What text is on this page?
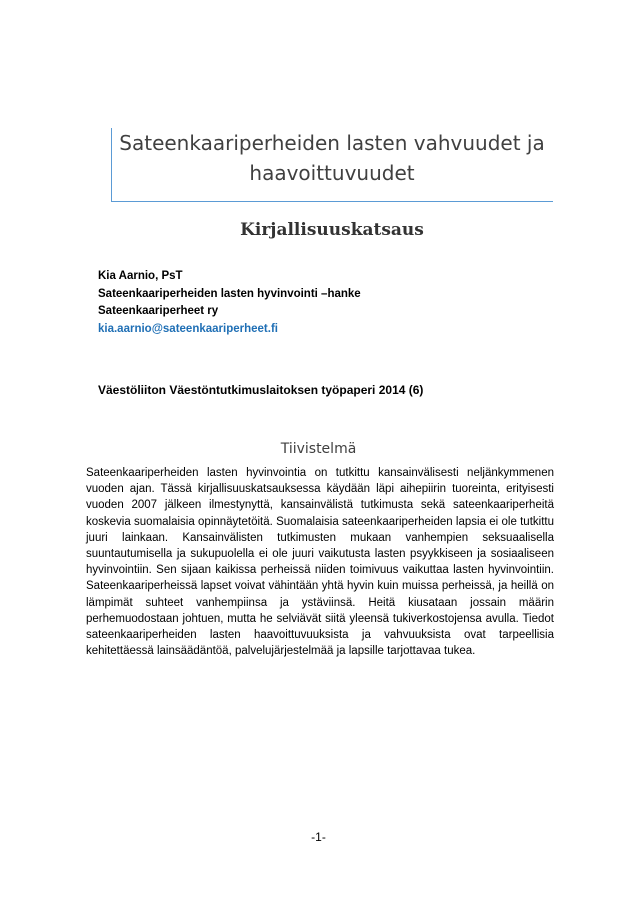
Sateenkaariperheiden lasten vahvuudet ja
haavoittuvuudet
Kirjallisuuskatsaus
Kia Aarnio, PsT
Sateenkaariperheiden lasten hyvinvointi –hanke
Sateenkaariperheet ry
kia.aarnio@sateenkaariperheet.fi
Väestöliiton Väestöntutkimuslaitoksen työpaperi 2014 (6)
Tiivistelmä

Sateenkaariperheiden lasten hyvinvointia on tutkittu kansainvälisesti neljänkymmenen vuoden ajan. Tässä kirjallisuuskatsauksessa käydään läpi aihepiirin tuoreinta, erityisesti vuoden 2007 jälkeen ilmestynyttä, kansainvälistä tutkimusta sekä sateenkaariperheitä koskevia suomalaisia opinnäytetöitä. Suomalaisia sateenkaariperheiden lapsia ei ole tutkittu juuri lainkaan. Kansainvälisten tutkimusten mukaan vanhempien seksuaalisella suuntautumisella ja sukupuolella ei ole juuri vaikutusta lasten psyykkiseen ja sosiaaliseen hyvinvointiin. Sen sijaan kaikissa perheissä niiden toimivuus vaikuttaa lasten hyvinvointiin. Sateenkaariperheissä lapset voivat vähintään yhtä hyvin kuin muissa perheissä, ja heillä on lämpimät suhteet vanhempiinsa ja ystäviinsä. Heitä kiusataan jossain määrin perhemuodostaan johtuen, mutta he selviävät siitä yleensä tukiverkostojensa avulla. Tiedot sateenkaariperheiden lasten haavoittuvuuksista ja vahvuuksista ovat tarpeellisia kehitettäessä lainsäädäntöä, palvelujärjestelmää ja lapsille tarjottavaa tukea.

-1-
